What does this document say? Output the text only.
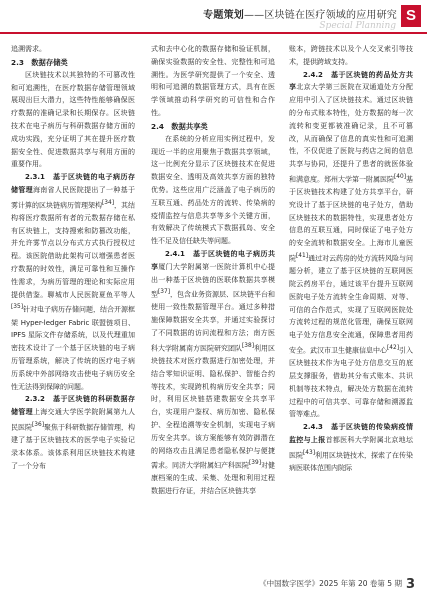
专题策划——区块链在医疗领域的应用研究
Special Planning
S

追溯需求。

2.3　数据存储类

区块链技术以其独特的不可篡改性和可追溯性，在医疗数据存储管理领域展现出巨大潜力，这些特性能够确保医疗数据的准确记录和长期保存。区块链技术在电子病历与科研数据存储方面的成功实践，充分证明了其在提升医疗数据安全性、促进数据共享与利用方面的重要作用。

2.3.1　基于区块链的电子病历存储管理海南省人民医院提出了一种基于雾计算的区块链病历管理架构[34]，其结构将医疗数据所有者的元数据存储在私有区块链上，支持搜索和防篡改功能，并允许雾节点以分布式方式执行授权过程。该医院借助此架构可以增强患者医疗数据的时效性，满足可靠性和互操作性需求，为病历管理的理论和实际应用提供借鉴。聊城市人民医院夏鱼平等人[35]针对电子病历存储问题，结合开源框架 Hyper-ledger Fabric 联盟链项目、IPFS 星际文件存储系统，以及代理重加密技术设计了一个基于区块链的电子病历管理系统，解决了传统的医疗电子病历系统中外部网络攻击使电子病历安全性无法得到保障的问题。

2.3.2　基于区块链的科研数据存储管理上海交通大学医学院附属第九人民医院[36]聚焦于科研数据存储管理，构建了基于区块链技术的医学电子实验记录本体系。该体系利用区块链技术构建了一个分布

式和去中心化的数据存储和验证机制，确保实验数据的安全性、完整性和可追溯性。为医学研究提供了一个安全、透明和可追溯的数据管理方式，具有在医学领域推动科学研究的可信性和合作性。

2.4　数据共享类

在系统的分析应用实例过程中，发现近一半的应用聚焦于数据共享领域，这一比例充分显示了区块链技术在促进数据安全、透明及高效共享方面的独特优势。这些应用广泛涵盖了电子病历的互联互通、药品处方的流转、传染病的疫情监控与信息共享等多个关键方面，有效解决了传统模式下数据孤岛、安全性不足及信任缺失等问题。

2.4.1　基于区块链的电子病历共享厦门大学附属第一医院计算机中心提出一种基于区块链的医联体数据共享模型[37]，包含业务资源层、区块链平台和使用一致性数据管理平台。通过多种措施保障数据安全共享，并通过实验探讨了不同数据的访问流程和方法；南方医科大学附属南方医院研究团队[38]利用区块链技术对医疗数据进行加密处理，并结合零知识证明、隐私保护、智能合约等技术，实现跨机构病历安全共享；同时，利用区块链搭建数据安全共享平台，实现用户鉴权、病历加密、隐私保护、全程追溯等安全机制，实现电子病历安全共享。该方案能够有效防御潜在的网络攻击且满足患者隐私保护与便捷需求。同济大学附属妇产科医院[39]对健康档案的生成、采集、处理和利用过程数据进行存证，并结合区块链共享

账本，跨链技术以及个人交叉索引等技术，提供跨域支持。

2.4.2　基于区块链的药品处方共享北京大学第三医院在双通道处方分配应用中引入了区块链技术。通过区块链的分布式账本特性，处方数据的每一次流转和变更都被准确记录，且不可篡改，从而确保了信息的真实性和可追溯性，不仅促进了医院与药店之间的信息共享与协同，还提升了患者的就医体验和满意度。郑州大学第一附属医院[40]基于区块链技术构建了处方共享平台，研究设计了基于区块链的电子处方，借助区块链技术的数据特性，实现患者处方信息的互联互通，同时保证了电子处方的安全流转和数据安全。上海市儿童医院[41]通过对云药房的处方流转风险与问题分析，建立了基于区块链的互联网医院云药房平台，通过该平台提升互联网医院电子处方流转全生命周期、对等、可信的合作范式，实现了互联网医院处方流转过程的规范化管理，确保互联网电子处方信息安全流通，保障患者用药安全。武汉市卫生健康信息中心[42]引入区块链技术作为电子处方信息交互的底层支撑服务，借助其分布式账本、共识机制等技术特点，解决处方数据在流转过程中的可信共享、可靠存储和溯源监管等难点。

2.4.3　基于区块链的传染病疫情监控与上报首都医科大学附属北京地坛医院[43]利用区块链技术，探索了在传染病医联体范围内院际

《中国数字医学》2025 年第 20 卷第 5 期 3
